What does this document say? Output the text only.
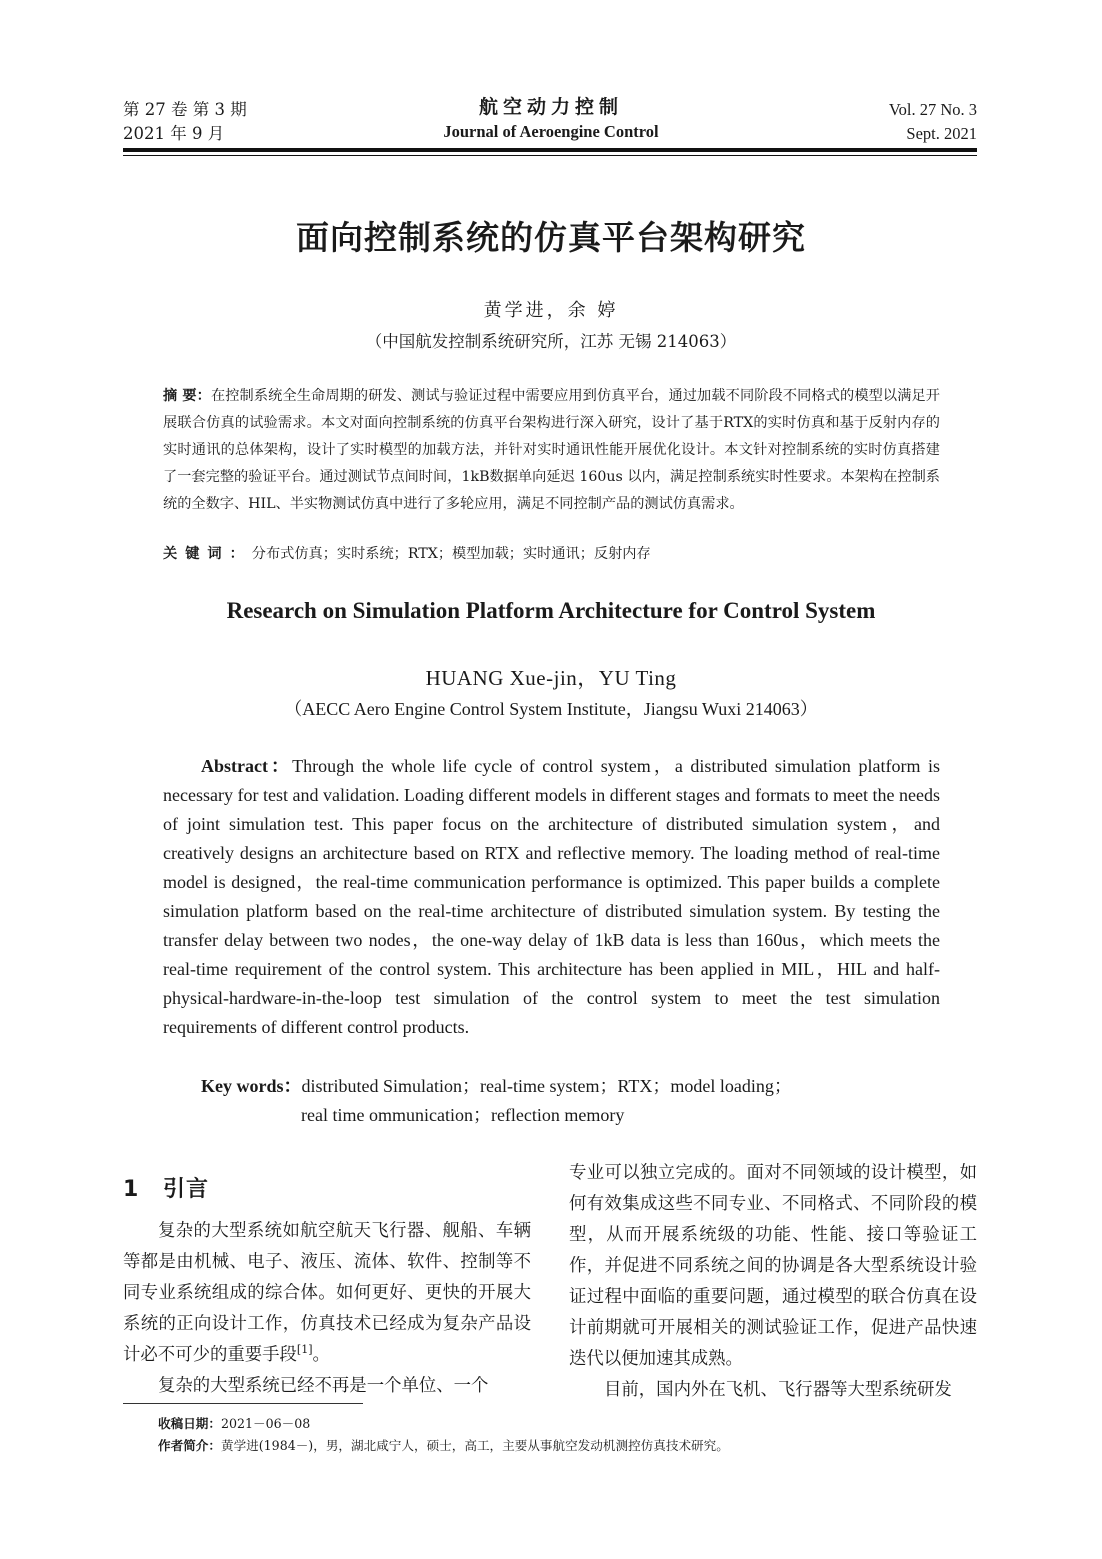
第 27 卷 第 3 期
2021 年 9 月
航空动力控制
Journal of Aeroengine Control
Vol. 27 No. 3
Sept. 2021
面向控制系统的仿真平台架构研究
黄学进，余 婷
（中国航发控制系统研究所，江苏 无锡 214063）
摘 要：在控制系统全生命周期的研发、测试与验证过程中需要应用到仿真平台，通过加载不同阶段不同格式的模型以满足开展联合仿真的试验需求。本文对面向控制系统的仿真平台架构进行深入研究，设计了基于RTX的实时仿真和基于反射内存的实时通讯的总体架构，设计了实时模型的加载方法，并针对实时通讯性能开展优化设计。本文针对控制系统的实时仿真搭建了一套完整的验证平台。通过测试节点间时间，1kB数据单向延迟 160us 以内，满足控制系统实时性要求。本架构在控制系统的全数字、HIL、半实物测试仿真中进行了多轮应用，满足不同控制产品的测试仿真需求。
关键词：分布式仿真；实时系统；RTX；模型加载；实时通讯；反射内存
Research on Simulation Platform Architecture for Control System
HUANG Xue-jin，YU Ting
（AECC Aero Engine Control System Institute，Jiangsu Wuxi 214063）
Abstract：Through the whole life cycle of control system，a distributed simulation platform is necessary for test and validation. Loading different models in different stages and formats to meet the needs of joint simulation test. This paper focus on the architecture of distributed simulation system，and creatively designs an architecture based on RTX and reflective memory. The loading method of real-time model is designed，the real-time communication performance is optimized. This paper builds a complete simulation platform based on the real-time architecture of distributed simulation system. By testing the transfer delay between two nodes，the one-way delay of 1kB data is less than 160us，which meets the real-time requirement of the control system. This architecture has been applied in MIL，HIL and half-physical-hardware-in-the-loop test simulation of the control system to meet the test simulation requirements of different control products.
Key words：distributed Simulation；real-time system；RTX；model loading；
real time ommunication；reflection memory
1 引言

复杂的大型系统如航空航天飞行器、舰船、车辆等都是由机械、电子、液压、流体、软件、控制等不同专业系统组成的综合体。如何更好、更快的开展大系统的正向设计工作，仿真技术已经成为复杂产品设计必不可少的重要手段[1]。

复杂的大型系统已经不再是一个单位、一个

专业可以独立完成的。面对不同领域的设计模型，如何有效集成这些不同专业、不同格式、不同阶段的模型，从而开展系统级的功能、性能、接口等验证工作，并促进不同系统之间的协调是各大型系统设计验证过程中面临的重要问题，通过模型的联合仿真在设计前期就可开展相关的测试验证工作，促进产品快速迭代以便加速其成熟。

目前，国内外在飞机、飞行器等大型系统研发

收稿日期：2021－06－08
作者简介：黄学进(1984－)，男，湖北咸宁人，硕士，高工，主要从事航空发动机测控仿真技术研究。
